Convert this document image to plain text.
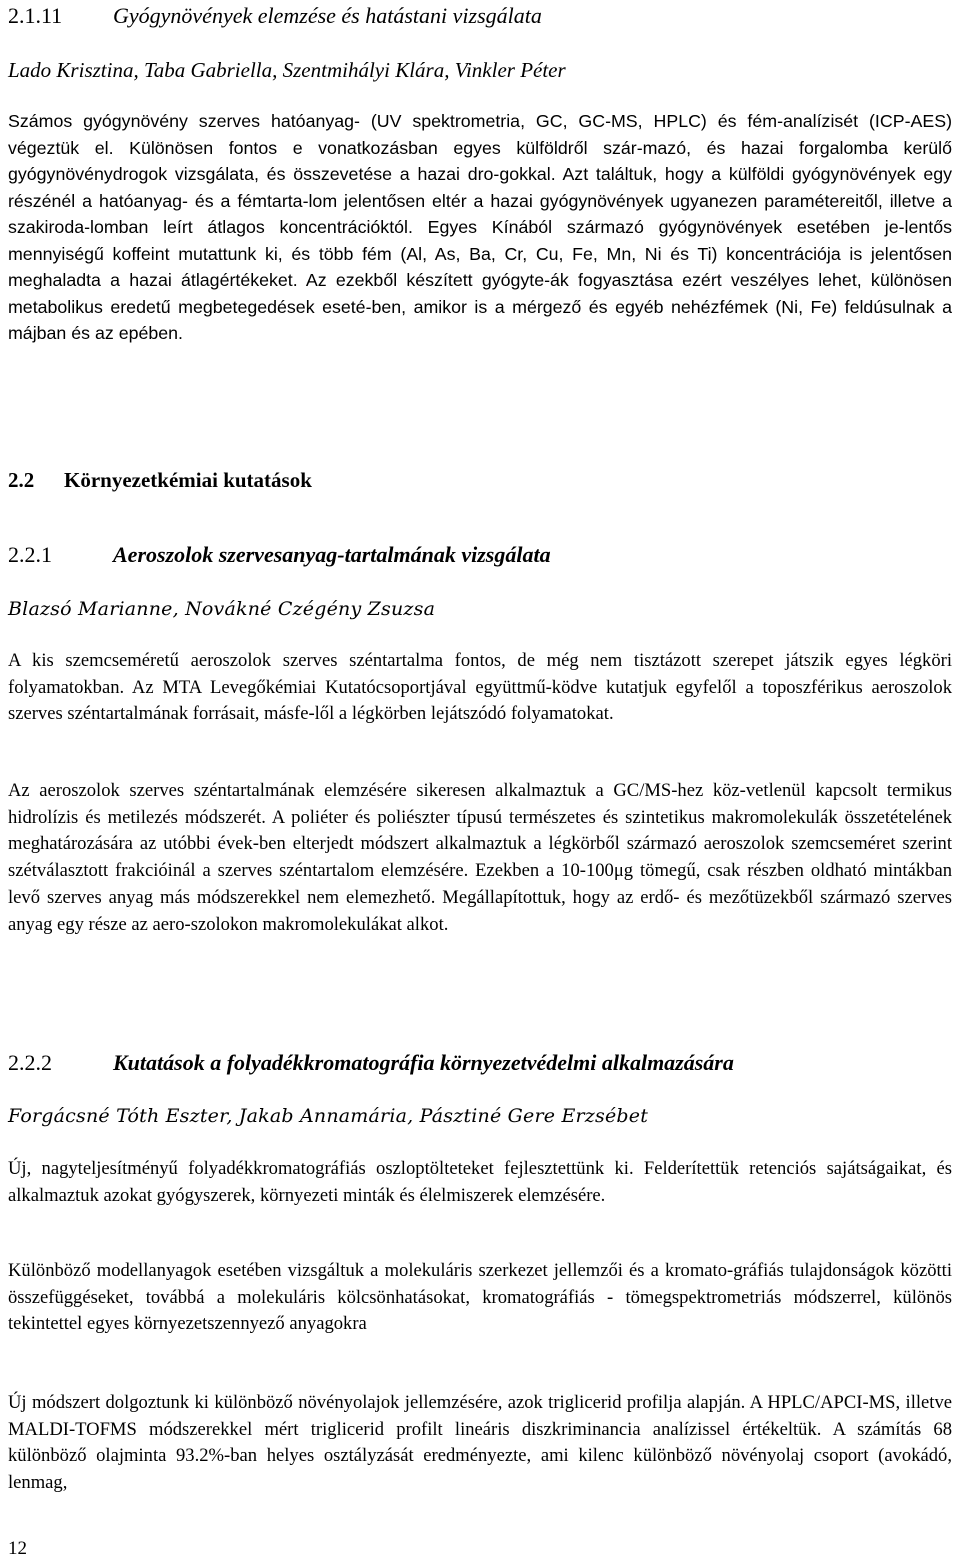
2.1.11 Gyógynövények elemzése és hatástani vizsgálata
Lado Krisztina, Taba Gabriella, Szentmihályi Klára, Vinkler Péter
Számos gyógynövény szerves hatóanyag- (UV spektrometria, GC, GC-MS, HPLC) és fém-analízisét (ICP-AES) végeztük el. Különösen fontos e vonatkozásban egyes külföldről szár-mazó, és hazai forgalomba kerülő gyógynövénydrogok vizsgálata, és összevetése a hazai dro-gokkal. Azt találtuk, hogy a külföldi gyógynövények egy részénél a hatóanyag- és a fémtarta-lom jelentősen eltér a hazai gyógynövények ugyanezen paramétereitől, illetve a szakiroda-lomban leírt átlagos koncentrációktól. Egyes Kínából származó gyógynövények esetében je-lentős mennyiségű koffeint mutattunk ki, és több fém (Al, As, Ba, Cr, Cu, Fe, Mn, Ni és Ti) koncentrációja is jelentősen meghaladta a hazai átlagértékeket. Az ezekből készített gyógyte-ák fogyasztása ezért veszélyes lehet, különösen metabolikus eredetű megbetegedések eseté-ben, amikor is a mérgező és egyéb nehézfémek (Ni, Fe) feldúsulnak a májban és az epében.
2.2 Környezetkémiai kutatások
2.2.1	Aeroszolok szervesanyag-tartalmának vizsgálata
Blazsó Marianne, Novákné Czégény Zsuzsa
A kis szemcseméretű aeroszolok szerves széntartalma fontos, de még nem tisztázott szerepet játszik egyes légköri folyamatokban. Az MTA Levegőkémiai Kutatócsoportjával együttmű-ködve kutatjuk egyfelől a toposzférikus aeroszolok szerves széntartalmának forrásait, másfe-lől a légkörben lejátszódó folyamatokat.
Az aeroszolok szerves széntartalmának elemzésére sikeresen alkalmaztuk a GC/MS-hez köz-vetlenül kapcsolt termikus hidrolízis és metilezés módszerét. A poliéter és poliészter típusú természetes és szintetikus makromolekulák összetételének meghatározására az utóbbi évek-ben elterjedt módszert alkalmaztuk a légkörből származó aeroszolok szemcseméret szerint szétválasztott frakcióinál a szerves széntartalom elemzésére. Ezekben a 10-100μg tömegű, csak részben oldható mintákban levő szerves anyag más módszerekkel nem elemezhető. Megállapítottuk, hogy az erdő- és mezőtüzekből származó szerves anyag egy része az aero-szolokon makromolekulákat alkot.
2.2.2	Kutatások a folyadékkromatográfia környezetvédelmi alkalmazására
Forgácsné Tóth Eszter, Jakab Annamária, Pásztiné Gere Erzsébet
Új, nagyteljesítményű folyadékkromatográfiás oszloptölteteket fejlesztettünk ki. Felderítettük retenciós sajátságaikat, és alkalmaztuk azokat gyógyszerek, környezeti minták és élelmiszerek elemzésére.
Különböző modellanyagok esetében vizsgáltuk a molekuláris szerkezet jellemzői és a kromato-gráfiás tulajdonságok közötti összefüggéseket, továbbá a molekuláris kölcsönhatásokat, kromatográfiás - tömegspektrometriás módszerrel, különös tekintettel egyes környezetszennyező anyagokra
Új módszert dolgoztunk ki különböző növényolajok jellemzésére, azok triglicerid profilja alapján. A HPLC/APCI-MS, illetve MALDI-TOFMS módszerekkel mért triglicerid profilt lineáris diszkriminancia analízissel értékeltük. A számítás 68 különböző olajminta 93.2%-ban helyes osztályzását eredményezte, ami kilenc különböző növényolaj csoport (avokádó, lenmag,
12
